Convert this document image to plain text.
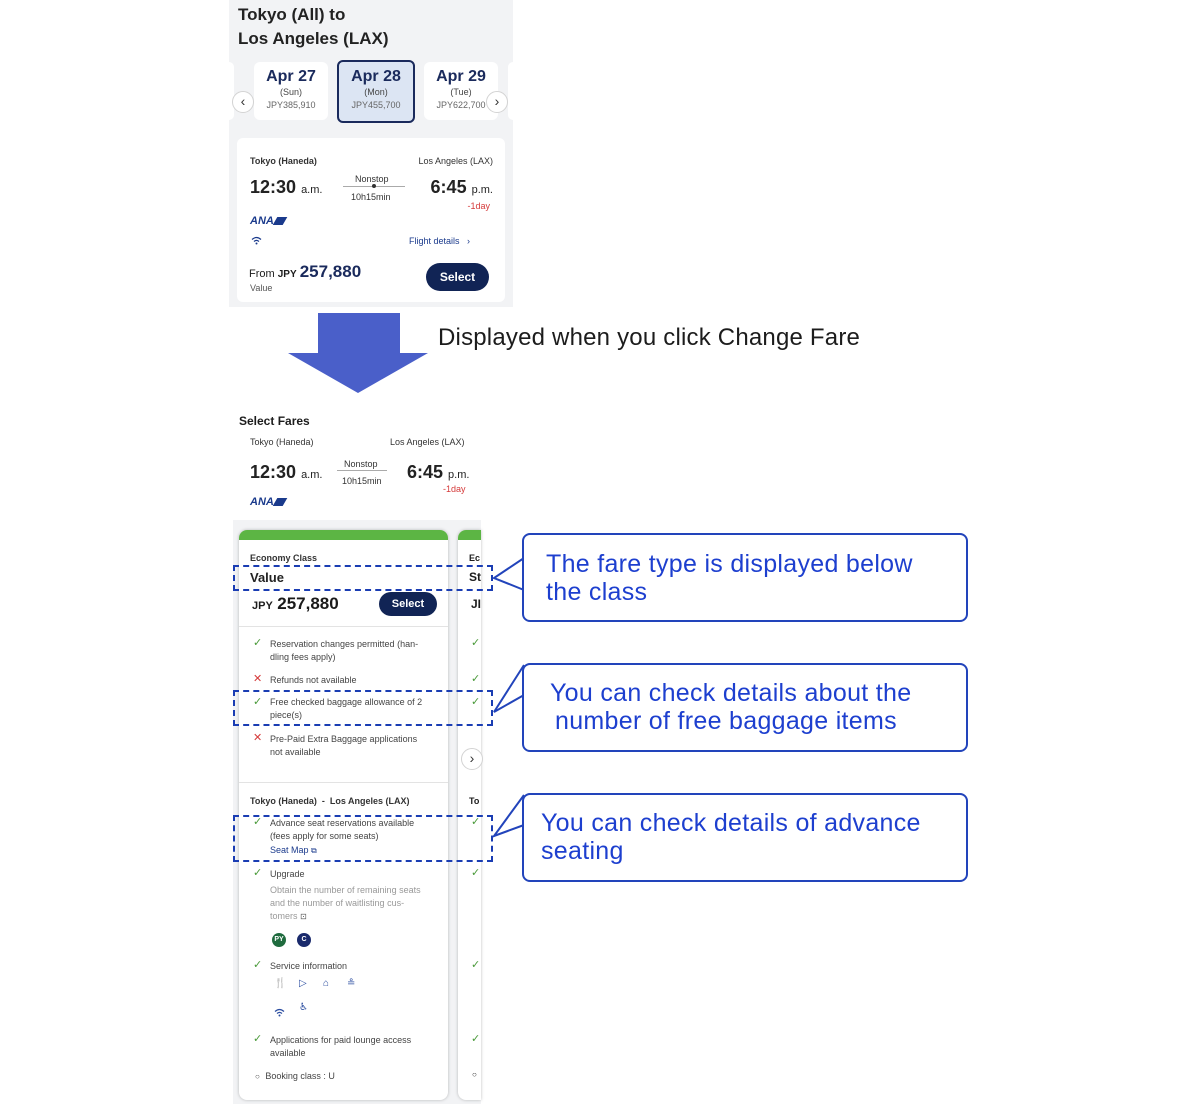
Tokyo (All) to
Los Angeles (LAX)
Apr 27
(Sun)
JPY385,910
Apr 28
(Mon)
JPY455,700
Apr 29
(Tue)
JPY622,700
‹	›
Tokyo (Haneda)	Los Angeles (LAX)
12:30 a.m.
Nonstop
10h15min 6:45 p.m.
-1day
ANA
Flight details ›
From JPY 257,880
Value
Select
Displayed when you click Change Fare
Select Fares
Tokyo (Haneda)	Los Angeles (LAX)
12:30 a.m.
Nonstop
10h15min 6:45 p.m.
-1day
ANA
Economy Class
Value
JPY 257,880	Select
✓ Reservation changes permitted (han-
dling fees apply)
✕ Refunds not available
✓ Free checked baggage allowance of 2
piece(s)
✕ Pre-Paid Extra Baggage applications
not available
Tokyo (Haneda)  -  Los Angeles (LAX)
✓ Advance seat reservations available
(fees apply for some seats)
Seat Map ⧉
✓ Upgrade
Obtain the number of remaining seats
and the number of waitlisting cus-
tomers ⊡
PY	C
✓ Service information
🍴 ▷ ⌂ ≗
♿
✓ Applications for paid lounge access
available
○ Booking class : U
Ec
St
JI
✓
✓
✓
To
✓
✓
✓
✓
○
›
The fare type is displayed below
the class
You can check details about the
number of free baggage items
You can check details of advance
seating
